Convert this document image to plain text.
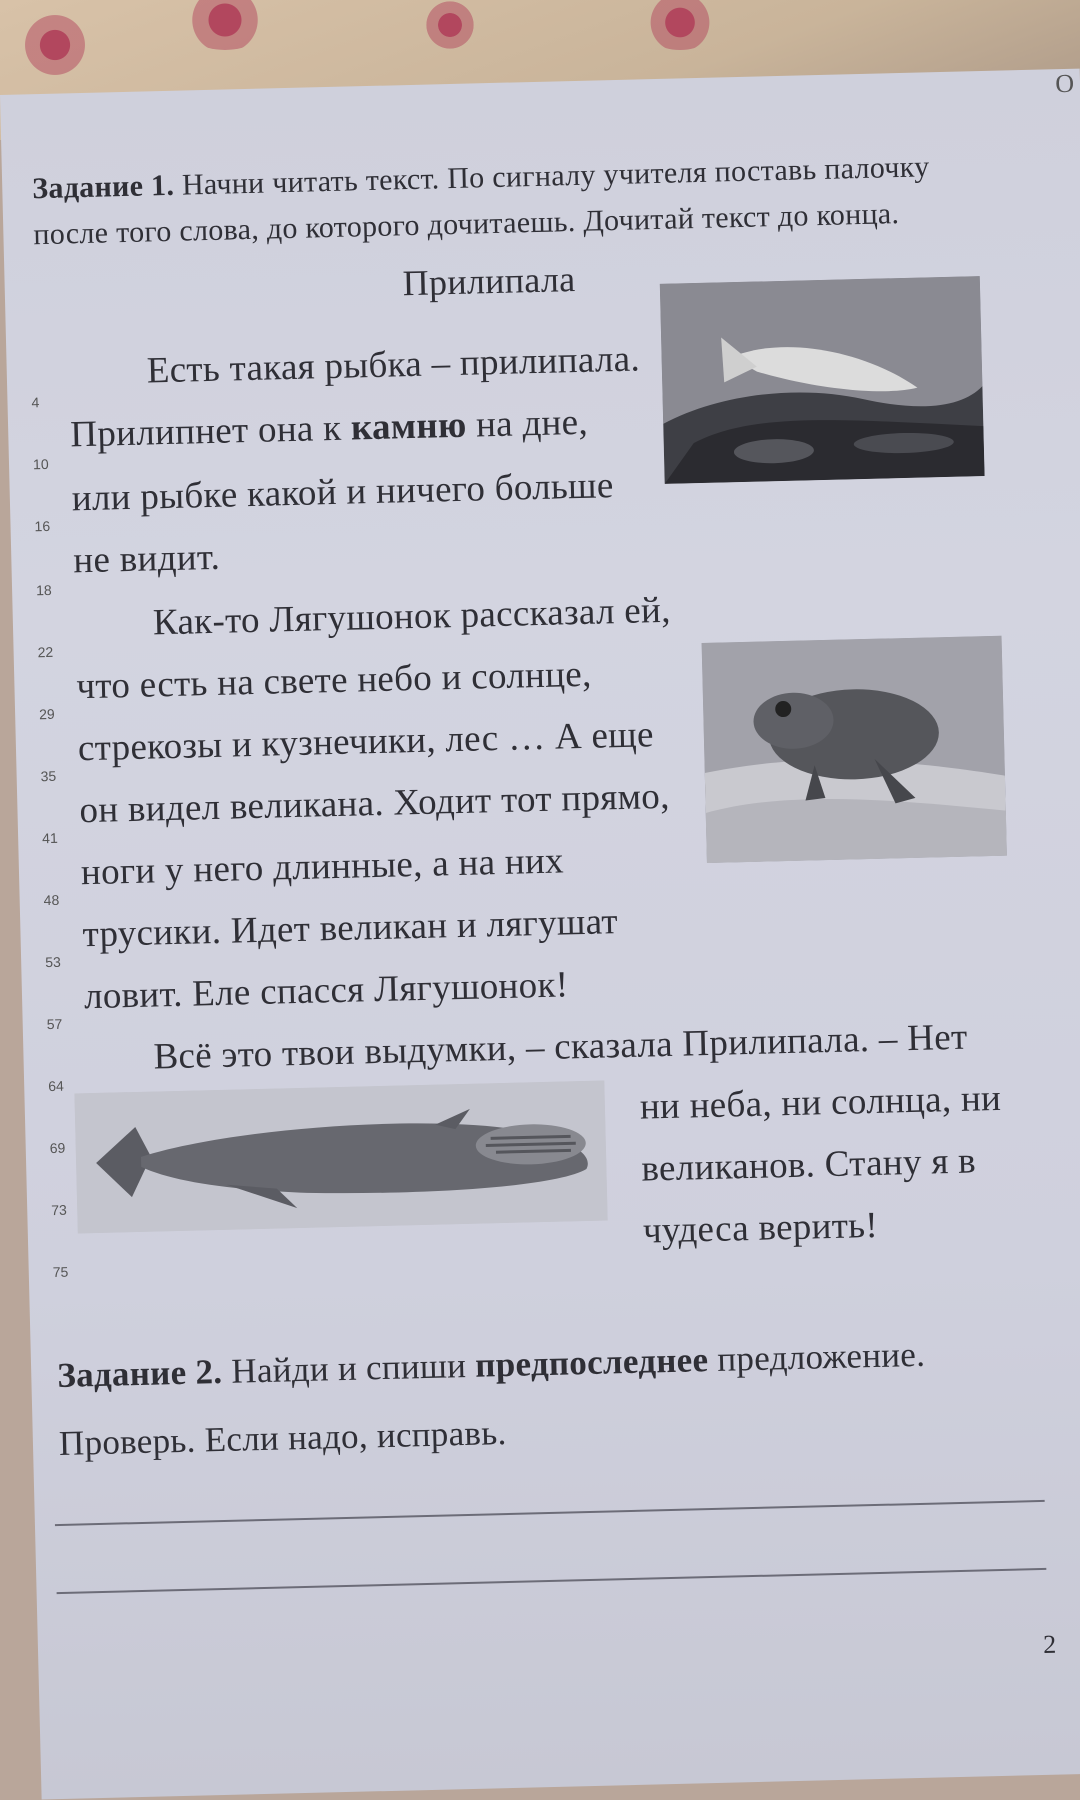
О
Задание 1. Начни читать текст. По сигналу учителя поставь палочку
после того слова, до которого дочитаешь. Дочитай текст до конца.
Прилипала
Есть такая рыбка – прилипала.
Прилипнет она к камню на дне,
или рыбке какой и ничего больше
не видит.
Как-то Лягушонок рассказал ей,
что есть на свете небо и солнце,
стрекозы и кузнечики, лес … А еще
он видел великана. Ходит тот прямо,
ноги у него длинные, а на них
трусики. Идет великан и лягушат
ловит. Еле спасся Лягушонок!
Всё это твои выдумки, – сказала Прилипала. – Нет
ни неба, ни солнца, ни
великанов. Стану я в
чудеса верить!
4
10
16
18
22
29
35
41
48
53
57
64
69
73
75
Задание 2. Найди и спиши предпоследнее предложение.
Проверь. Если надо, исправь.
2
